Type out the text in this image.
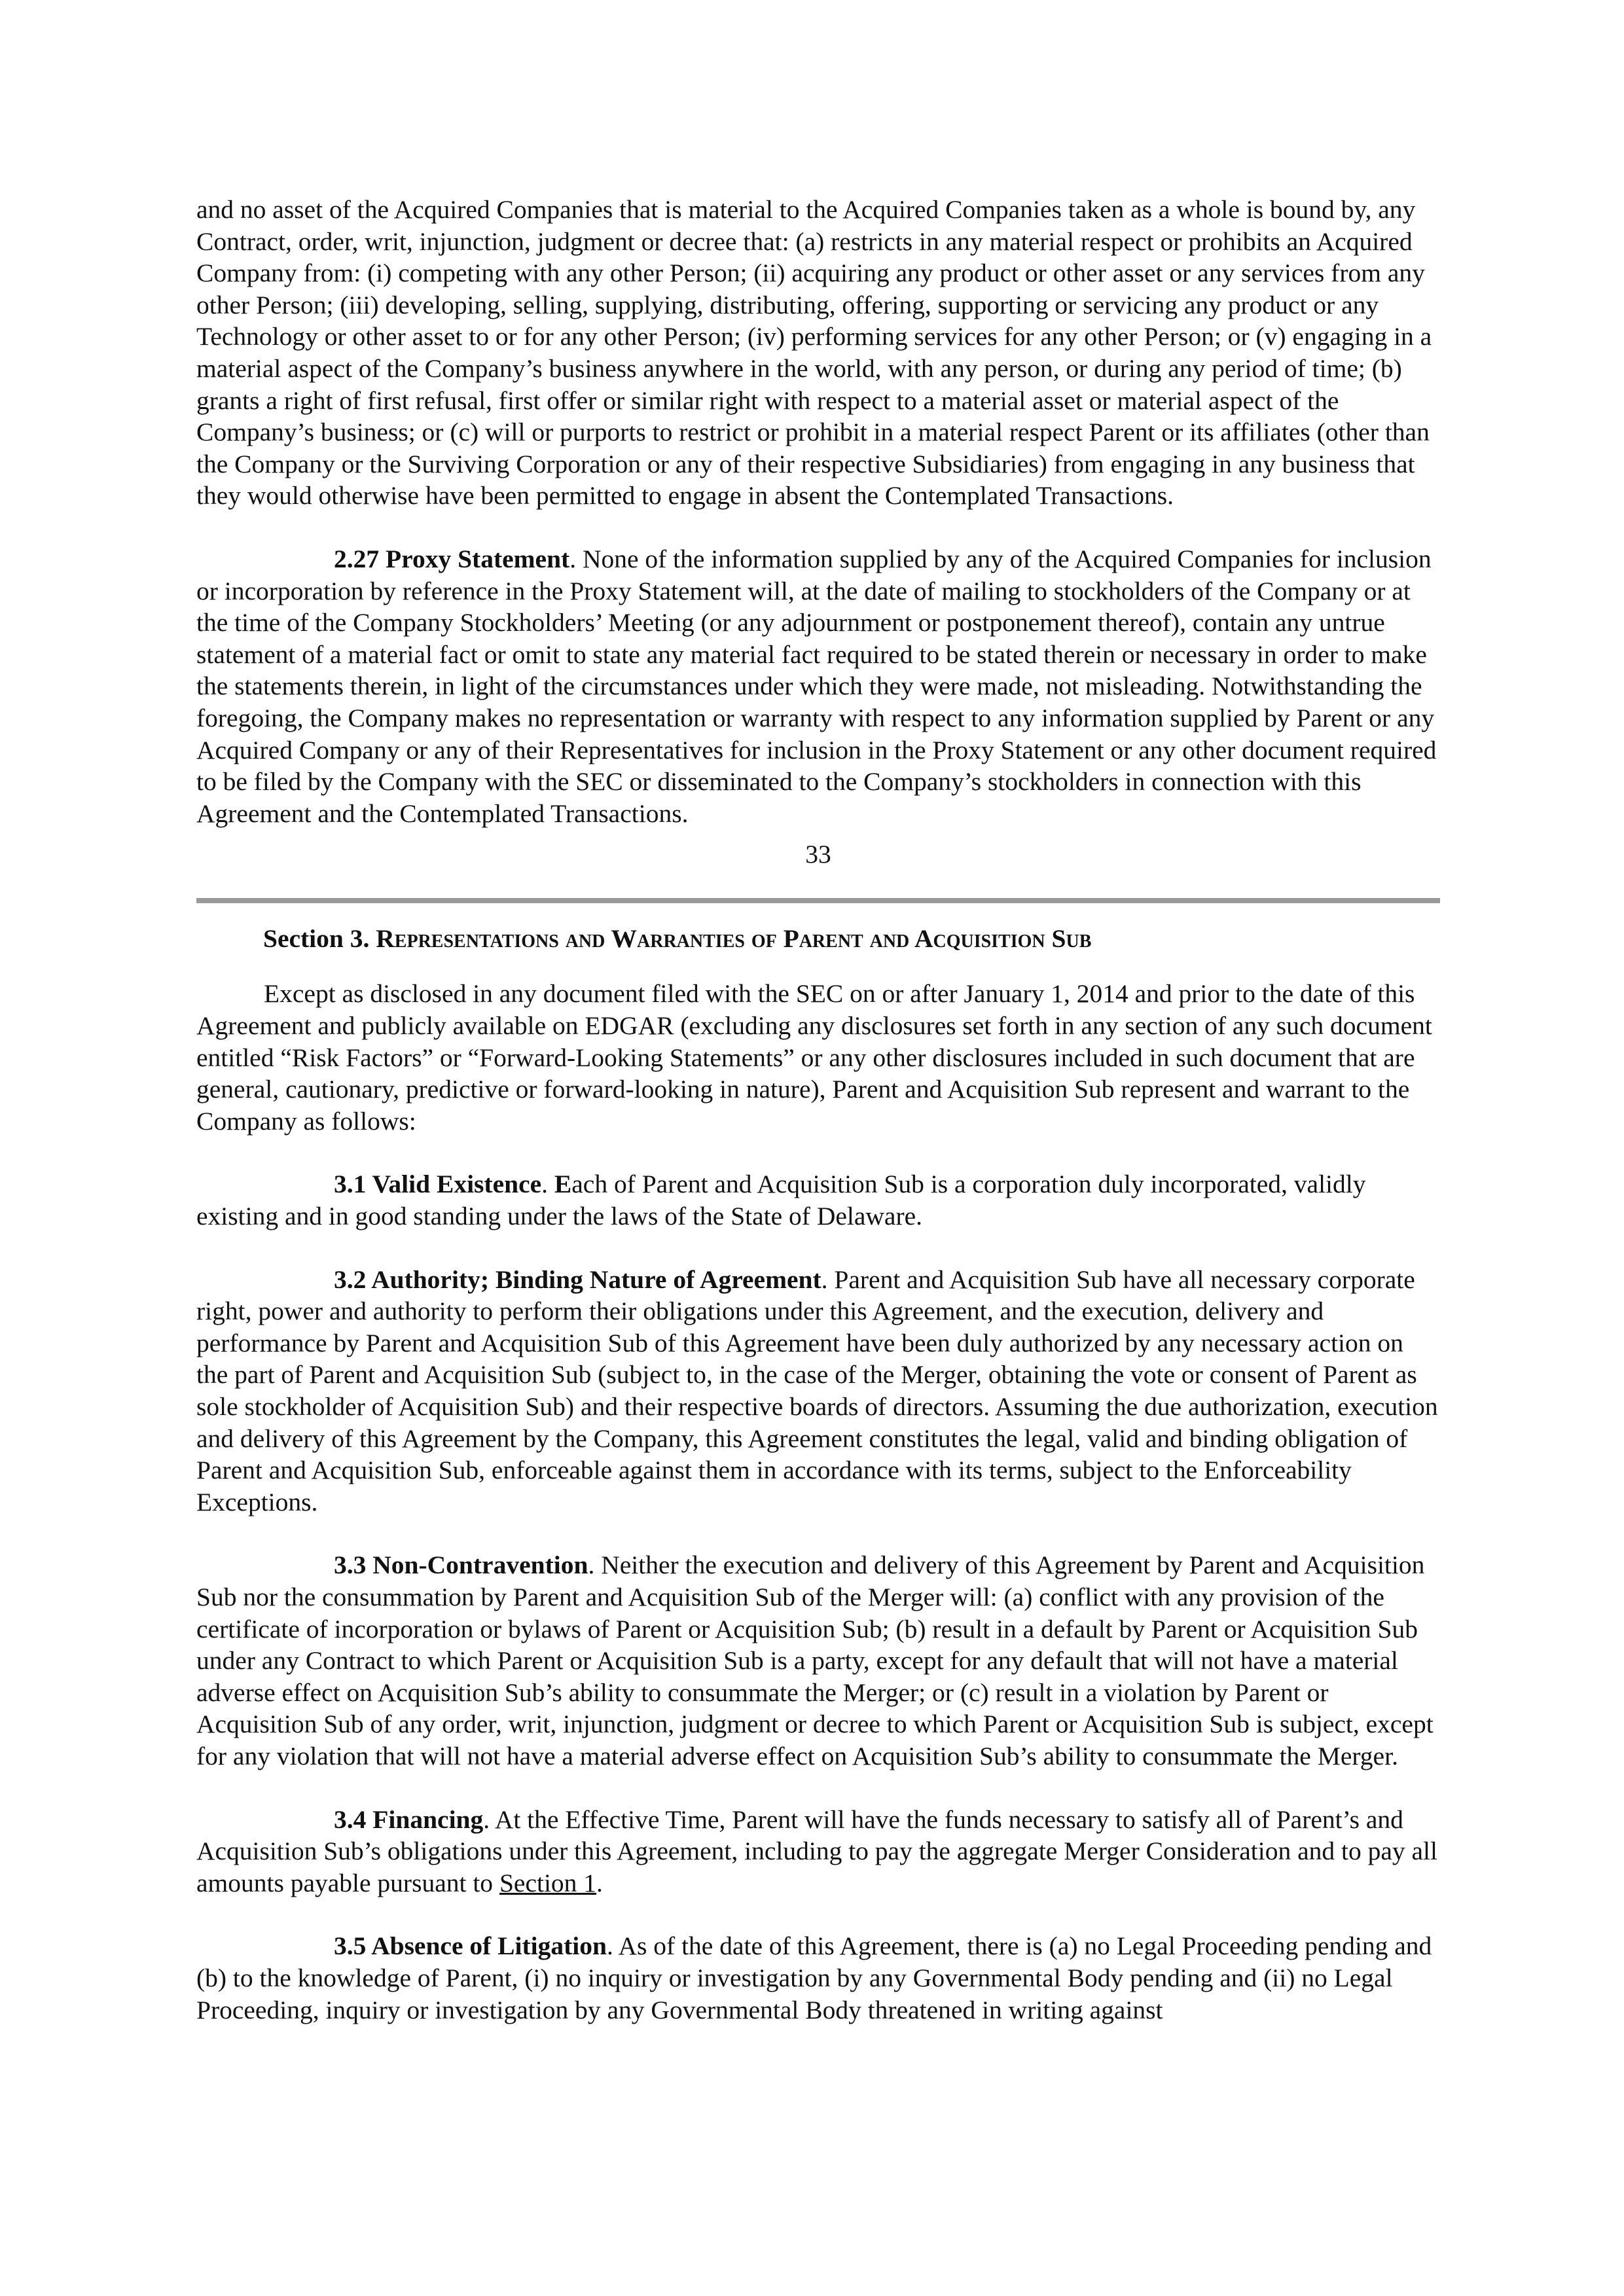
and no asset of the Acquired Companies that is material to the Acquired Companies taken as a whole is bound by, any Contract, order, writ, injunction, judgment or decree that: (a) restricts in any material respect or prohibits an Acquired Company from: (i) competing with any other Person; (ii) acquiring any product or other asset or any services from any other Person; (iii) developing, selling, supplying, distributing, offering, supporting or servicing any product or any Technology or other asset to or for any other Person; (iv) performing services for any other Person; or (v) engaging in a material aspect of the Company’s business anywhere in the world, with any person, or during any period of time; (b) grants a right of first refusal, first offer or similar right with respect to a material asset or material aspect of the Company’s business; or (c) will or purports to restrict or prohibit in a material respect Parent or its affiliates (other than the Company or the Surviving Corporation or any of their respective Subsidiaries) from engaging in any business that they would otherwise have been permitted to engage in absent the Contemplated Transactions.

2.27 Proxy Statement. None of the information supplied by any of the Acquired Companies for inclusion or incorporation by reference in the Proxy Statement will, at the date of mailing to stockholders of the Company or at the time of the Company Stockholders’ Meeting (or any adjournment or postponement thereof), contain any untrue statement of a material fact or omit to state any material fact required to be stated therein or necessary in order to make the statements therein, in light of the circumstances under which they were made, not misleading. Notwithstanding the foregoing, the Company makes no representation or warranty with respect to any information supplied by Parent or any Acquired Company or any of their Representatives for inclusion in the Proxy Statement or any other document required to be filed by the Company with the SEC or disseminated to the Company’s stockholders in connection with this Agreement and the Contemplated Transactions.

33

Section 3. Representations and Warranties of Parent and Acquisition Sub

Except as disclosed in any document filed with the SEC on or after January 1, 2014 and prior to the date of this Agreement and publicly available on EDGAR (excluding any disclosures set forth in any section of any such document entitled “Risk Factors” or “Forward-Looking Statements” or any other disclosures included in such document that are general, cautionary, predictive or forward-looking in nature), Parent and Acquisition Sub represent and warrant to the Company as follows:

3.1 Valid Existence. Each of Parent and Acquisition Sub is a corporation duly incorporated, validly existing and in good standing under the laws of the State of Delaware.

3.2 Authority; Binding Nature of Agreement. Parent and Acquisition Sub have all necessary corporate right, power and authority to perform their obligations under this Agreement, and the execution, delivery and performance by Parent and Acquisition Sub of this Agreement have been duly authorized by any necessary action on the part of Parent and Acquisition Sub (subject to, in the case of the Merger, obtaining the vote or consent of Parent as sole stockholder of Acquisition Sub) and their respective boards of directors. Assuming the due authorization, execution and delivery of this Agreement by the Company, this Agreement constitutes the legal, valid and binding obligation of Parent and Acquisition Sub, enforceable against them in accordance with its terms, subject to the Enforceability Exceptions.

3.3 Non-Contravention. Neither the execution and delivery of this Agreement by Parent and Acquisition Sub nor the consummation by Parent and Acquisition Sub of the Merger will: (a) conflict with any provision of the certificate of incorporation or bylaws of Parent or Acquisition Sub; (b) result in a default by Parent or Acquisition Sub under any Contract to which Parent or Acquisition Sub is a party, except for any default that will not have a material adverse effect on Acquisition Sub’s ability to consummate the Merger; or (c) result in a violation by Parent or Acquisition Sub of any order, writ, injunction, judgment or decree to which Parent or Acquisition Sub is subject, except for any violation that will not have a material adverse effect on Acquisition Sub’s ability to consummate the Merger.

3.4 Financing. At the Effective Time, Parent will have the funds necessary to satisfy all of Parent’s and Acquisition Sub’s obligations under this Agreement, including to pay the aggregate Merger Consideration and to pay all amounts payable pursuant to Section 1.

3.5 Absence of Litigation. As of the date of this Agreement, there is (a) no Legal Proceeding pending and (b) to the knowledge of Parent, (i) no inquiry or investigation by any Governmental Body pending and (ii) no Legal Proceeding, inquiry or investigation by any Governmental Body threatened in writing against
